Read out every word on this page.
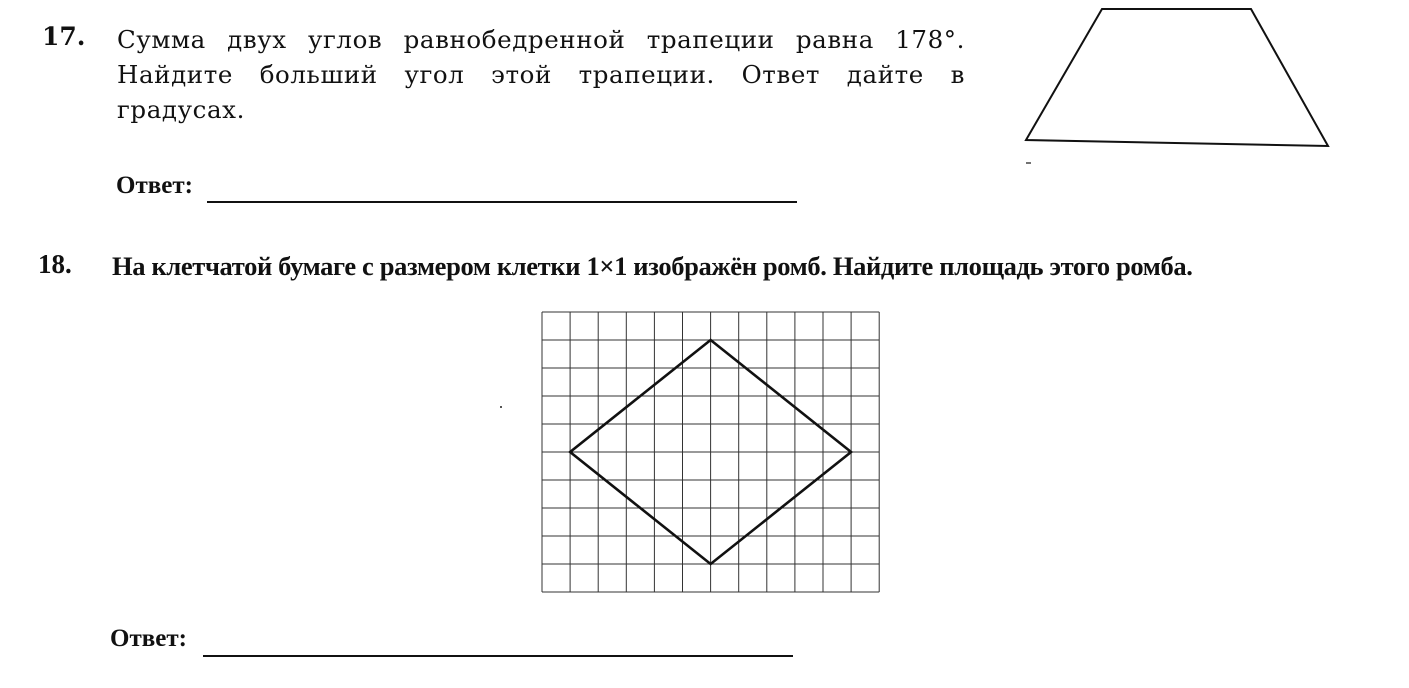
17. Сумма двух углов равнобедренной трапеции равна 178°.
Найдите больший угол этой трапеции. Ответ дайте в
градусах.
Ответ:
18. На клетчатой бумаге с размером клетки 1×1 изображён ромб. Найдите площадь этого ромба.
Ответ:
